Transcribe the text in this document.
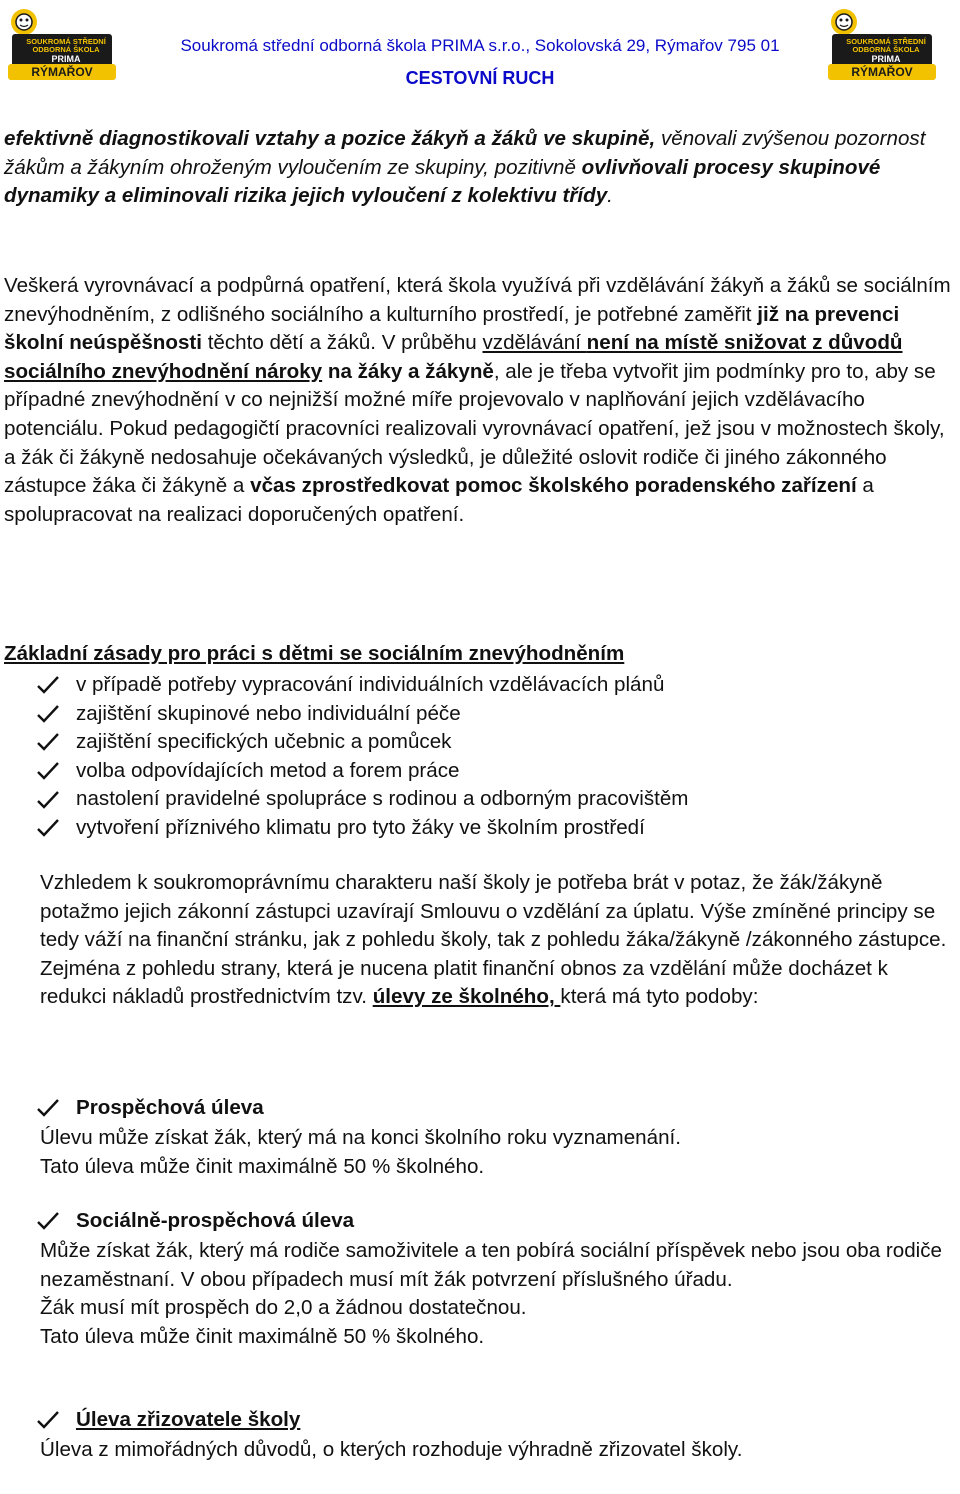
SOUKROMÁ STŘEDNÍ
ODBORNÁ ŠKOLA
PRIMA
RÝMAŘOV
Soukromá střední odborná škola PRIMA s.r.o., Sokolovská 29, Rýmařov 795 01
CESTOVNÍ RUCH
SOUKROMÁ STŘEDNÍ
ODBORNÁ ŠKOLA
PRIMA
RÝMAŘOV

efektivně diagnostikovali vztahy a pozice žákyň a žáků ve skupině, věnovali zvýšenou pozornost žákům a žákyním ohroženým vyloučením ze skupiny, pozitivně ovlivňovali procesy skupinové dynamiky a eliminovali rizika jejich vyloučení z kolektivu třídy.

Veškerá vyrovnávací a podpůrná opatření, která škola využívá při vzdělávání žákyň a žáků se sociálním znevýhodněním, z odlišného sociálního a kulturního prostředí, je potřebné zaměřit již na prevenci školní neúspěšnosti těchto dětí a žáků. V průběhu vzdělávání není na místě snižovat z důvodů sociálního znevýhodnění nároky na žáky a žákyně, ale je třeba vytvořit jim podmínky pro to, aby se případné znevýhodnění v co nejnižší možné míře projevovalo v naplňování jejich vzdělávacího potenciálu. Pokud pedagogičtí pracovníci realizovali vyrovnávací opatření, jež jsou v možnostech školy, a žák či žákyně nedosahuje očekávaných výsledků, je důležité oslovit rodiče či jiného zákonného zástupce žáka či žákyně a včas zprostředkovat pomoc školského poradenského zařízení a spolupracovat na realizaci doporučených opatření.

Základní zásady pro práci s dětmi se sociálním znevýhodněním
v případě potřeby vypracování individuálních vzdělávacích plánů
zajištění skupinové nebo individuální péče
zajištění specifických učebnic a pomůcek
volba odpovídajících metod a forem práce
nastolení pravidelné spolupráce s rodinou a odborným pracovištěm
vytvoření příznivého klimatu pro tyto žáky ve školním prostředí

Vzhledem k soukromoprávnímu charakteru naší školy je potřeba brát v potaz, že žák/žákyně potažmo jejich zákonní zástupci uzavírají Smlouvu o vzdělání za úplatu. Výše zmíněné principy se tedy váží na finanční stránku, jak z pohledu školy, tak z pohledu žáka/žákyně /zákonného zástupce.
Zejména z pohledu strany, která je nucena platit finanční obnos za vzdělání může docházet k redukci nákladů prostřednictvím tzv. úlevy ze školného, která má tyto podoby:

Prospěchová úleva

Úlevu může získat žák, který má na konci školního roku vyznamenání.
Tato úleva může činit maximálně 50 % školného.

Sociálně-prospěchová úleva

Může získat žák, který má rodiče samoživitele a ten pobírá sociální příspěvek nebo jsou oba rodiče nezaměstnaní. V obou případech musí mít žák potvrzení příslušného úřadu.
Žák musí mít prospěch do 2,0 a žádnou dostatečnou.
Tato úleva může činit maximálně 50 % školného.

Úleva zřizovatele školy

Úleva z mimořádných důvodů, o kterých rozhoduje výhradně zřizovatel školy.
